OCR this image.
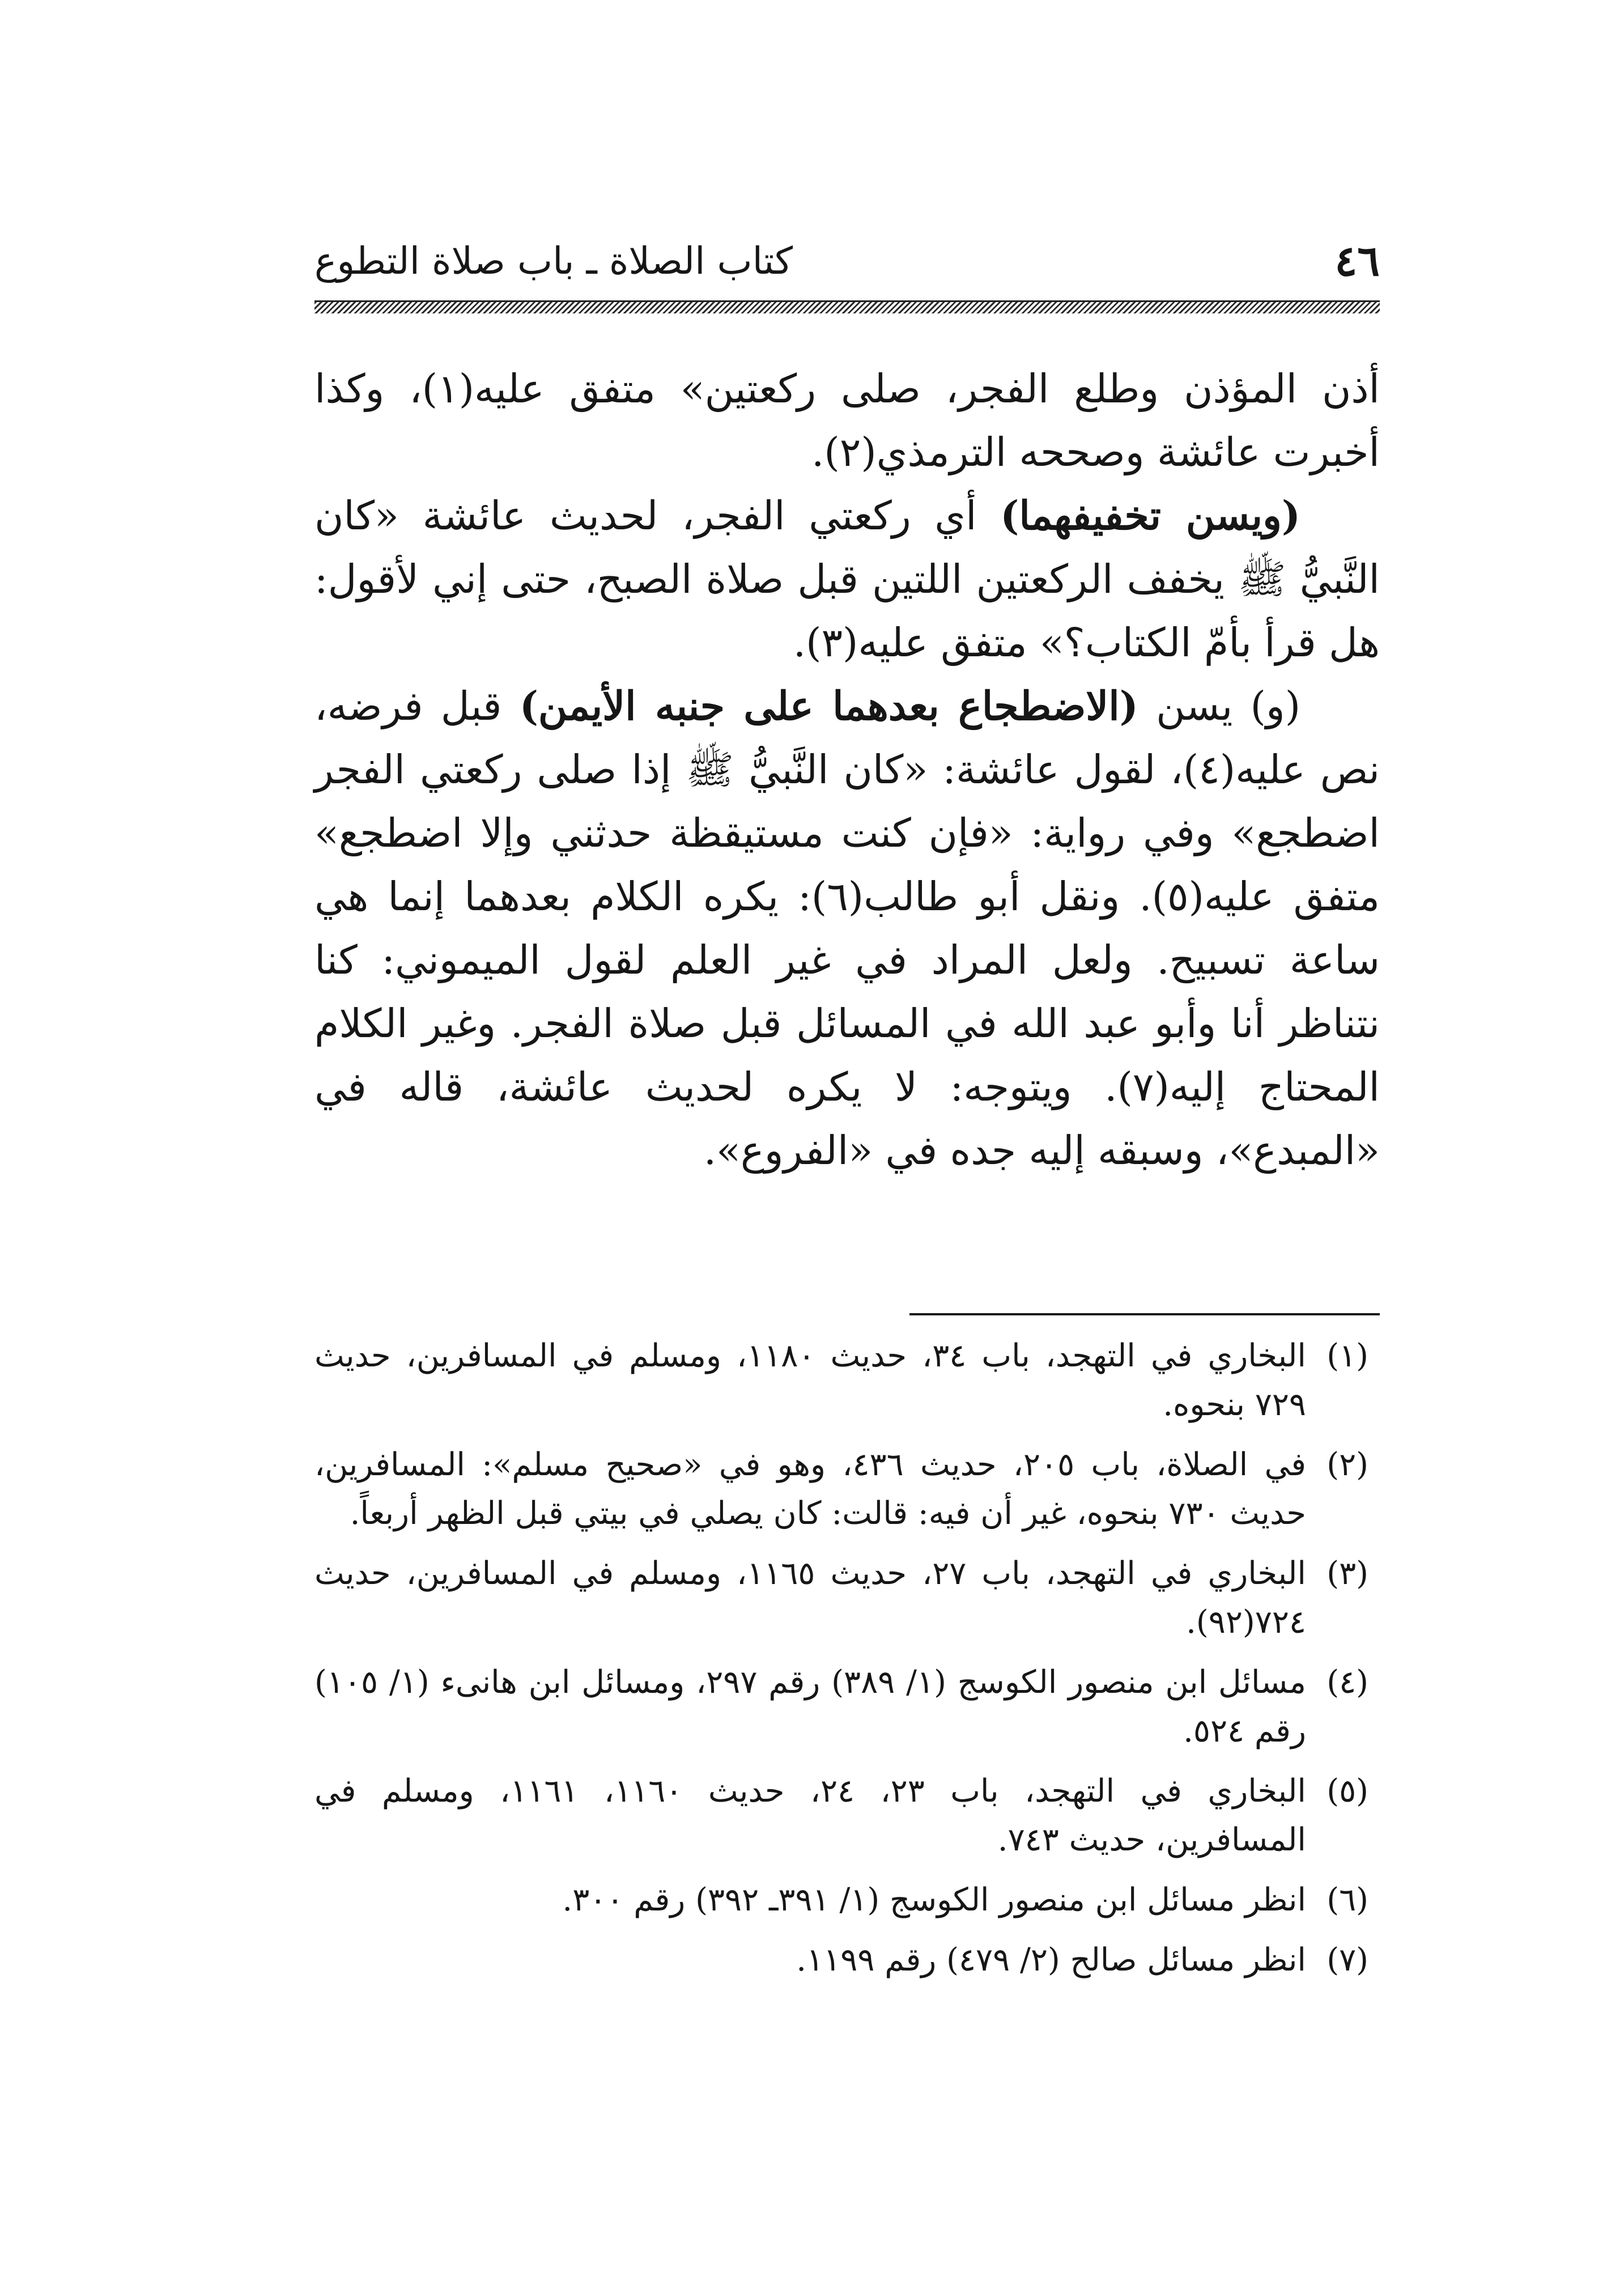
٤٦
كتاب الصلاة ـ باب صلاة التطوع

أذن المؤذن وطلع الفجر، صلى ركعتين» متفق عليه(١)، وكذا أخبرت عائشة وصححه الترمذي(٢).

(ويسن تخفيفهما) أي ركعتي الفجر، لحديث عائشة «كان النَّبيُّ ﷺ يخفف الركعتين اللتين قبل صلاة الصبح، حتى إني لأقول: هل قرأ بأمّ الكتاب؟» متفق عليه(٣).

(و) يسن (الاضطجاع بعدهما على جنبه الأيمن) قبل فرضه، نص عليه(٤)، لقول عائشة: «كان النَّبيُّ ﷺ إذا صلى ركعتي الفجر اضطجع» وفي رواية: «فإن كنت مستيقظة حدثني وإلا اضطجع» متفق عليه(٥). ونقل أبو طالب(٦): يكره الكلام بعدهما إنما هي ساعة تسبيح. ولعل المراد في غير العلم لقول الميموني: كنا نتناظر أنا وأبو عبد الله في المسائل قبل صلاة الفجر. وغير الكلام المحتاج إليه(٧). ويتوجه: لا يكره لحديث عائشة، قاله في «المبدع»، وسبقه إليه جده في «الفروع».

(١)
البخاري في التهجد، باب ٣٤، حديث ١١٨٠، ومسلم في المسافرين، حديث ٧٢٩ بنحوه.
(٢)
في الصلاة، باب ٢٠٥، حديث ٤٣٦، وهو في «صحيح مسلم»: المسافرين، حديث ٧٣٠ بنحوه، غير أن فيه: قالت: كان يصلي في بيتي قبل الظهر أربعاً.
(٣)
البخاري في التهجد، باب ٢٧، حديث ١١٦٥، ومسلم في المسافرين، حديث ٧٢٤(٩٢).
(٤)
مسائل ابن منصور الكوسج (١/ ٣٨٩) رقم ٢٩٧، ومسائل ابن هانىء (١/ ١٠٥) رقم ٥٢٤.
(٥)
البخاري في التهجد، باب ٢٣، ٢٤، حديث ١١٦٠، ١١٦١، ومسلم في المسافرين، حديث ٧٤٣.
(٦)
انظر مسائل ابن منصور الكوسج (١/ ٣٩١ـ ٣٩٢) رقم ٣٠٠.
(٧)
انظر مسائل صالح (٢/ ٤٧٩) رقم ١١٩٩.
